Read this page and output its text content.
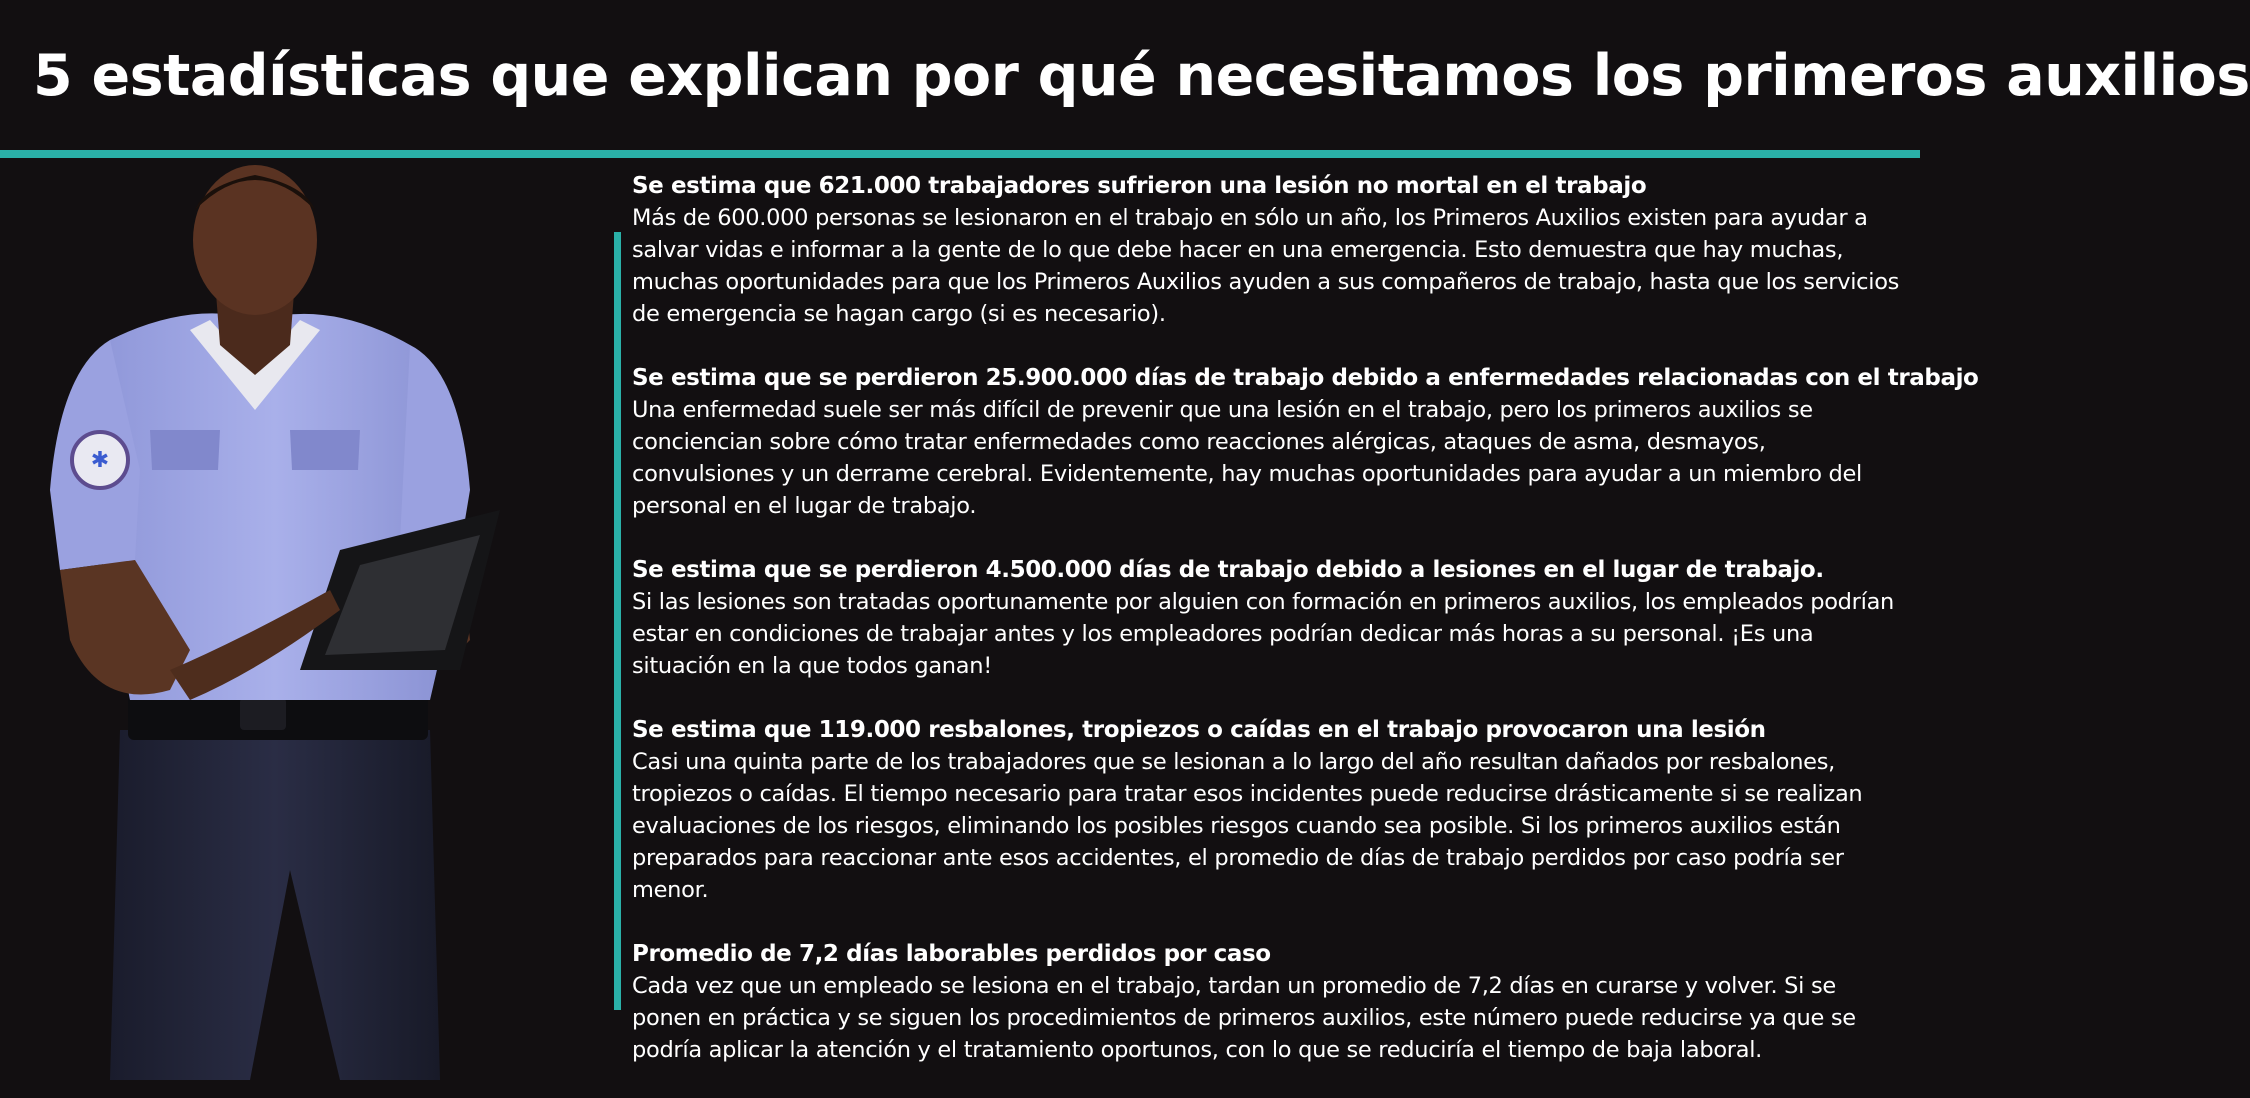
5 estadísticas que explican por qué necesitamos los primeros auxilios
✱
Se estima que 621.000 trabajadores sufrieron una lesión no mortal en el trabajo
Más de 600.000 personas se lesionaron en el trabajo en sólo un año, los Primeros Auxilios existen para ayudar a salvar vidas e informar a la gente de lo que debe hacer en una emergencia. Esto demuestra que hay muchas, muchas oportunidades para que los Primeros Auxilios ayuden a sus compañeros de trabajo, hasta que los servicios de emergencia se hagan cargo (si es necesario).
Se estima que se perdieron 25.900.000 días de trabajo debido a enfermedades relacionadas con el trabajo
Una enfermedad suele ser más difícil de prevenir que una lesión en el trabajo, pero los primeros auxilios se conciencian sobre cómo tratar enfermedades como reacciones alérgicas, ataques de asma, desmayos, convulsiones y un derrame cerebral. Evidentemente, hay muchas oportunidades para ayudar a un miembro del personal en el lugar de trabajo.
Se estima que se perdieron 4.500.000 días de trabajo debido a lesiones en el lugar de trabajo.
Si las lesiones son tratadas oportunamente por alguien con formación en primeros auxilios, los empleados podrían estar en condiciones de trabajar antes y los empleadores podrían dedicar más horas a su personal. ¡Es una situación en la que todos ganan!
Se estima que 119.000 resbalones, tropiezos o caídas en el trabajo provocaron una lesión
Casi una quinta parte de los trabajadores que se lesionan a lo largo del año resultan dañados por resbalones, tropiezos o caídas. El tiempo necesario para tratar esos incidentes puede reducirse drásticamente si se realizan evaluaciones de los riesgos, eliminando los posibles riesgos cuando sea posible. Si los primeros auxilios están preparados para reaccionar ante esos accidentes, el promedio de días de trabajo perdidos por caso podría ser menor.
Promedio de 7,2 días laborables perdidos por caso
Cada vez que un empleado se lesiona en el trabajo, tardan un promedio de 7,2 días en curarse y volver. Si se ponen en práctica y se siguen los procedimientos de primeros auxilios, este número puede reducirse ya que se podría aplicar la atención y el tratamiento oportunos, con lo que se reduciría el tiempo de baja laboral.
